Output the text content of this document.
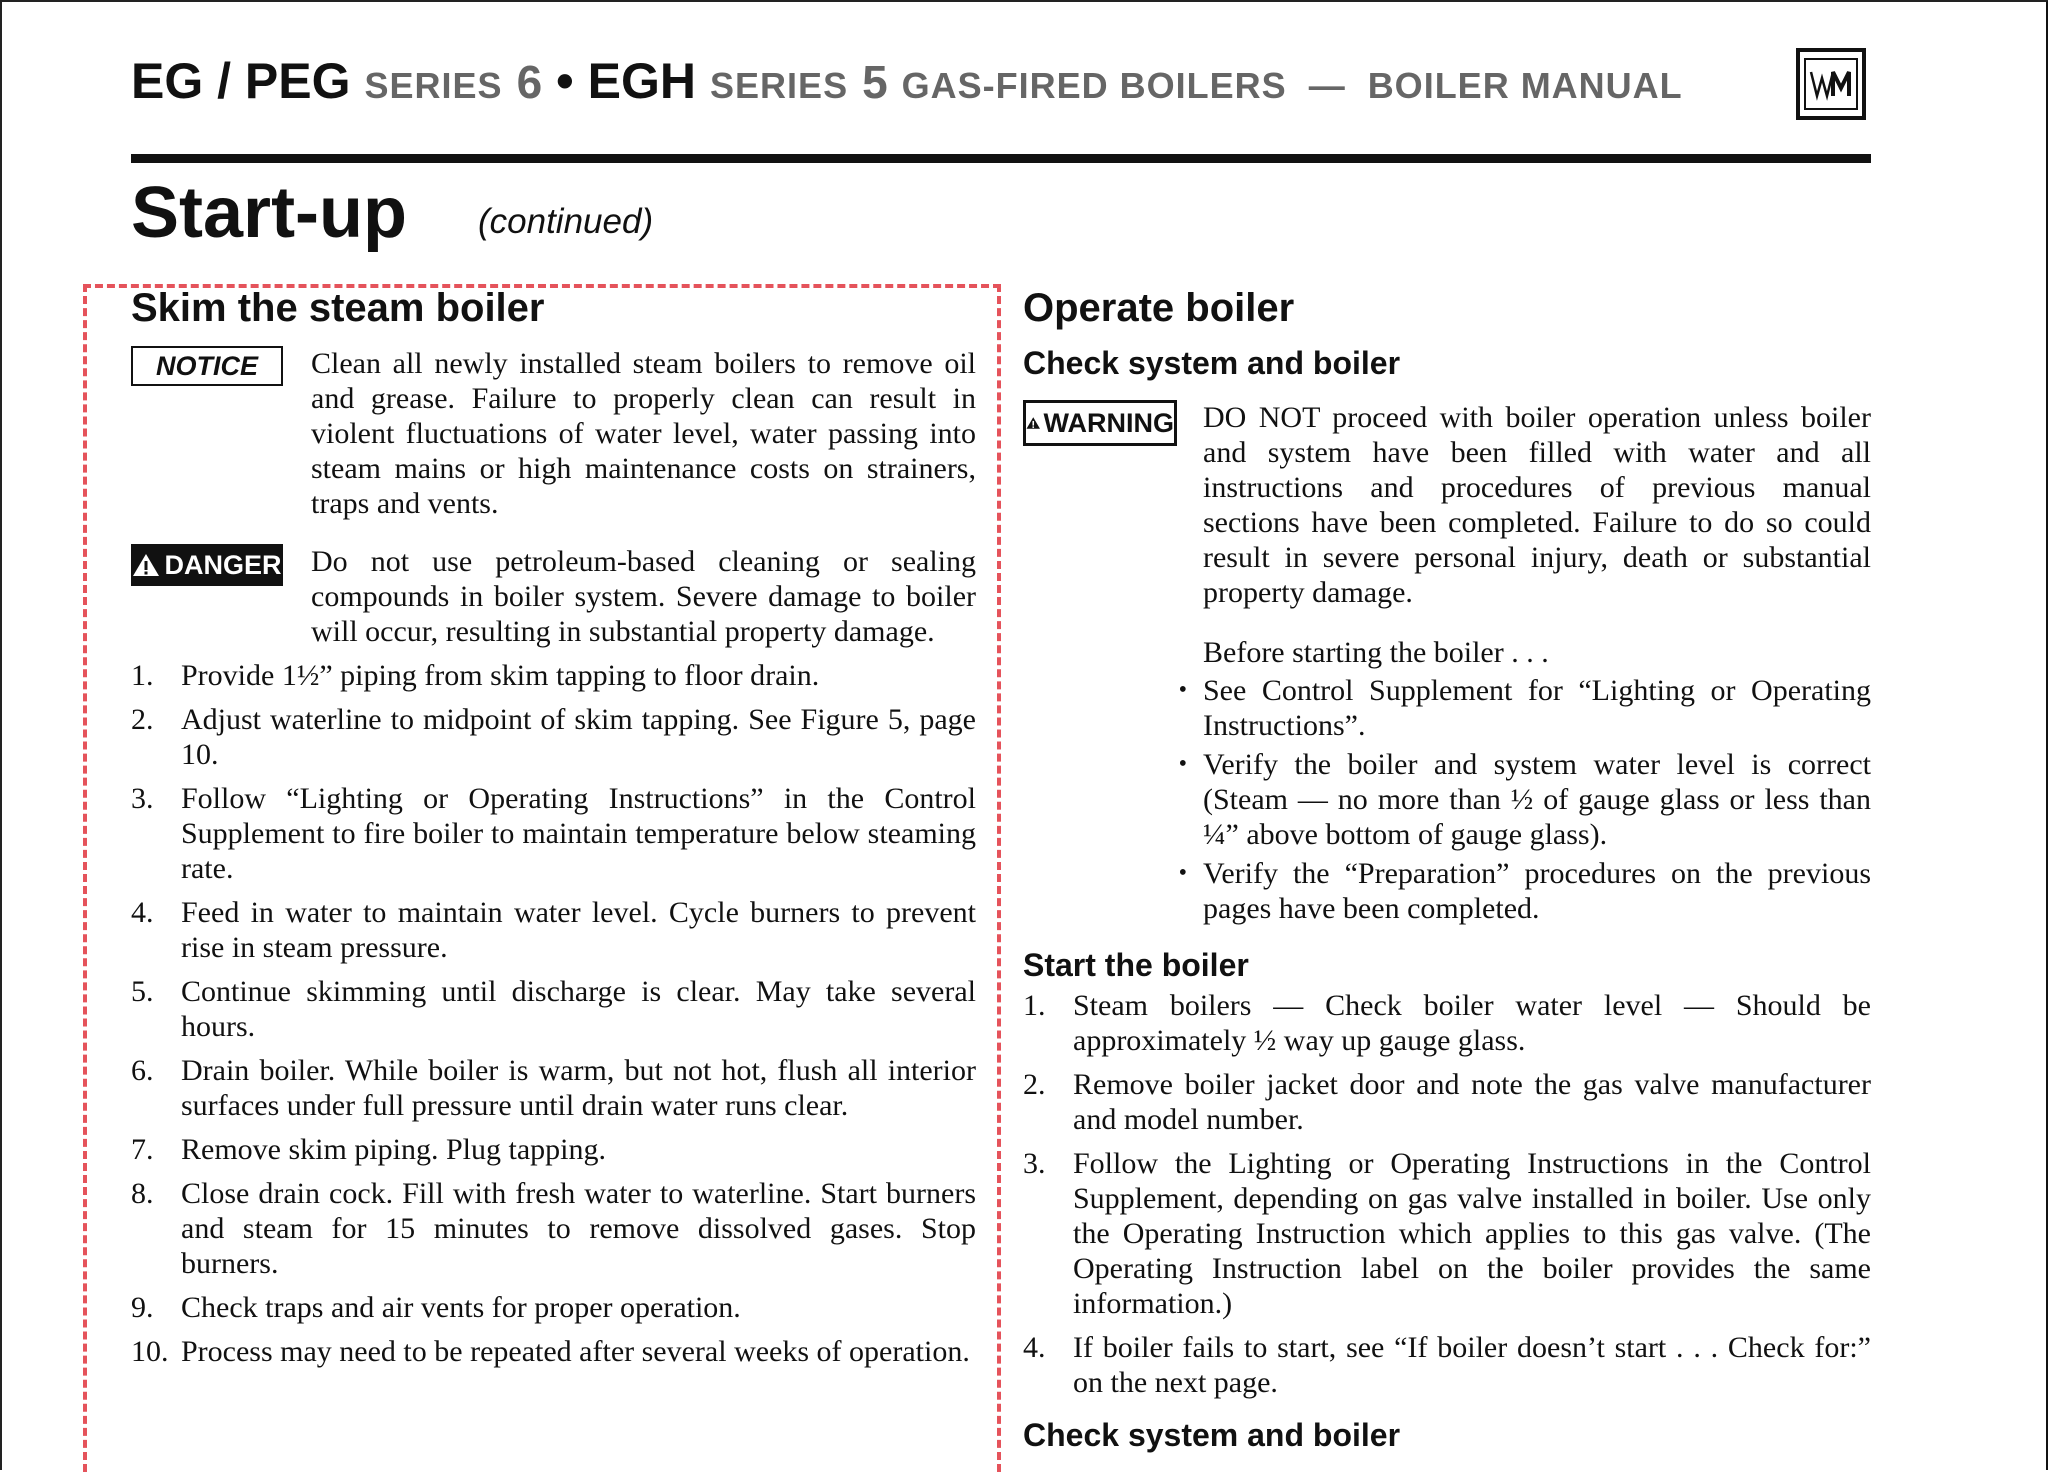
EG / PEG SERIES 6 • EGH SERIES 5 GAS-FIRED BOILERS — BOILER MANUAL
Start-up (continued)
Skim the steam boiler
NOTICE	Clean all newly installed steam boilers to remove oil and grease. Failure to properly clean can result in violent fluctuations of water level, water passing into steam mains or high maintenance costs on strainers, traps and vents.

DANGER Do not use petroleum-based cleaning or sealing compounds in boiler system. Severe damage to boiler will occur, resulting in substantial property damage.

1. Provide 1½” piping from skim tapping to floor drain.
2. Adjust waterline to midpoint of skim tapping. See Figure 5, page 10.
3. Follow “Lighting or Operating Instructions” in the Control Supplement to fire boiler to maintain temperature below steaming rate.
4. Feed in water to maintain water level. Cycle burners to prevent rise in steam pressure.
5. Continue skimming until discharge is clear. May take several hours.
6. Drain boiler. While boiler is warm, but not hot, flush all interior surfaces under full pressure until drain water runs clear.
7. Remove skim piping. Plug tapping.
8. Close drain cock. Fill with fresh water to waterline. Start burners and steam for 15 minutes to remove dissolved gases. Stop burners.
9. Check traps and air vents for proper operation.
10. Process may need to be repeated after several weeks of operation.
Operate boiler
Check system and boiler
WARNING DO NOT proceed with boiler operation unless boiler and system have been filled with water and all instructions and procedures of previous manual sections have been completed. Failure to do so could result in severe personal injury, death or substantial property damage.

Before starting the boiler . . .
• See Control Supplement for “Lighting or Operating Instructions”.
• Verify the boiler and system water level is correct (Steam — no more than ½ of gauge glass or less than ¼” above bottom of gauge glass).
• Verify the “Preparation” procedures on the previous pages have been completed.
Start the boiler
1. Steam boilers — Check boiler water level — Should be approximately ½ way up gauge glass.
2. Remove boiler jacket door and note the gas valve manufacturer and model number.
3. Follow the Lighting or Operating Instructions in the Control Supplement, depending on gas valve installed in boiler. Use only the Operating Instruction which applies to this gas valve. (The Operating Instruction label on the boiler provides the same information.)
4. If boiler fails to start, see “If boiler doesn’t start . . . Check for:” on the next page.
Check system and boiler
